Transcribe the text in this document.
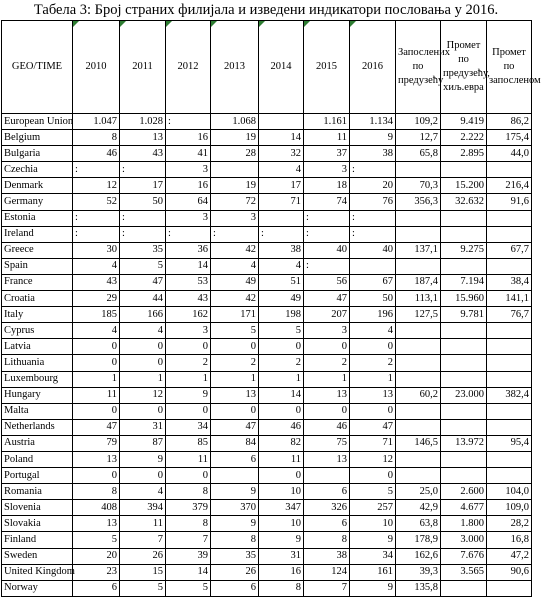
Табела 3: Број страних филијала и изведени индикатори пословања у 2016.
GEO/TIME	2010	2011	2012	2013	2014	2015	2016	Запослених по предузећу	Промет по предузећу, хиљ.евра	Промет по запосленом

European Union	1.047	1.028	:	1.068		1.161	1.134	109,2	9.419	86,2
Belgium	8	13	16	19	14	11	9	12,7	2.222	175,4
Bulgaria	46	43	41	28	32	37	38	65,8	2.895	44,0
Czechia	:	:	3		4	3	:			
Denmark	12	17	16	19	17	18	20	70,3	15.200	216,4
Germany	52	50	64	72	71	74	76	356,3	32.632	91,6
Estonia	:	:	3	3		:	:			
Ireland	:	:	:	:	:	:	:			
Greece	30	35	36	42	38	40	40	137,1	9.275	67,7
Spain	4	5	14	4	4	:				
France	43	47	53	49	51	56	67	187,4	7.194	38,4
Croatia	29	44	43	42	49	47	50	113,1	15.960	141,1
Italy	185	166	162	171	198	207	196	127,5	9.781	76,7
Cyprus	4	4	3	5	5	3	4			
Latvia	0	0	0	0	0	0	0			
Lithuania	0	0	2	2	2	2	2			
Luxembourg	1	1	1	1	1	1	1			
Hungary	11	12	9	13	14	13	13	60,2	23.000	382,4
Malta	0	0	0	0	0	0	0			
Netherlands	47	31	34	47	46	46	47			
Austria	79	87	85	84	82	75	71	146,5	13.972	95,4
Poland	13	9	11	6	11	13	12			
Portugal	0	0	0		0		0			
Romania	8	4	8	9	10	6	5	25,0	2.600	104,0
Slovenia	408	394	379	370	347	326	257	42,9	4.677	109,0
Slovakia	13	11	8	9	10	6	10	63,8	1.800	28,2
Finland	5	7	7	8	9	8	9	178,9	3.000	16,8
Sweden	20	26	39	35	31	38	34	162,6	7.676	47,2
United Kingdom	23	15	14	26	16	124	161	39,3	3.565	90,6
Norway	6	5	5	6	8	7	9	135,8		
